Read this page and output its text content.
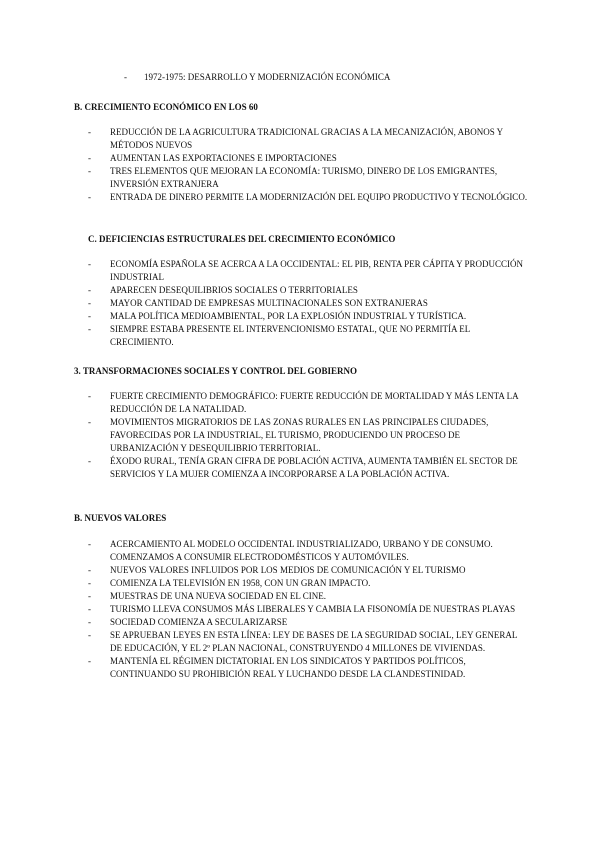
- 1972-1975: DESARROLLO Y MODERNIZACIÓN ECONÓMICA
B. CRECIMIENTO ECONÓMICO EN LOS 60
- REDUCCIÓN DE LA AGRICULTURA TRADICIONAL GRACIAS A LA MECANIZACIÓN, ABONOS Y MÉTODOS NUEVOS
- AUMENTAN LAS EXPORTACIONES E IMPORTACIONES
- TRES ELEMENTOS QUE MEJORAN LA ECONOMÍA: TURISMO, DINERO DE LOS EMIGRANTES, INVERSIÓN EXTRANJERA
- ENTRADA DE DINERO PERMITE LA MODERNIZACIÓN DEL EQUIPO PRODUCTIVO Y TECNOLÓGICO.
C. DEFICIENCIAS ESTRUCTURALES DEL CRECIMIENTO ECONÓMICO
- ECONOMÍA ESPAÑOLA SE ACERCA A LA OCCIDENTAL: EL PIB, RENTA PER CÁPITA Y PRODUCCIÓN INDUSTRIAL
- APARECEN DESEQUILIBRIOS SOCIALES O TERRITORIALES
- MAYOR CANTIDAD DE EMPRESAS MULTINACIONALES SON EXTRANJERAS
- MALA POLÍTICA MEDIOAMBIENTAL, POR LA EXPLOSIÓN INDUSTRIAL Y TURÍSTICA.
- SIEMPRE ESTABA PRESENTE EL INTERVENCIONISMO ESTATAL, QUE NO PERMITÍA EL CRECIMIENTO.
3. TRANSFORMACIONES SOCIALES Y CONTROL DEL GOBIERNO
- FUERTE CRECIMIENTO DEMOGRÁFICO: FUERTE REDUCCIÓN DE MORTALIDAD Y MÁS LENTA LA REDUCCIÓN DE LA NATALIDAD.
- MOVIMIENTOS MIGRATORIOS DE LAS ZONAS RURALES EN LAS PRINCIPALES CIUDADES, FAVORECIDAS POR LA INDUSTRIAL, EL TURISMO, PRODUCIENDO UN PROCESO DE URBANIZACIÓN Y DESEQUILIBRIO TERRITORIAL.
- ÉXODO RURAL, TENÍA GRAN CIFRA DE POBLACIÓN ACTIVA, AUMENTA TAMBIÉN EL SECTOR DE SERVICIOS Y LA MUJER COMIENZA A INCORPORARSE A LA POBLACIÓN ACTIVA.
B. NUEVOS VALORES
- ACERCAMIENTO AL MODELO OCCIDENTAL INDUSTRIALIZADO, URBANO Y DE CONSUMO. COMENZAMOS A CONSUMIR ELECTRODOMÉSTICOS Y AUTOMÓVILES.
- NUEVOS VALORES INFLUIDOS POR LOS MEDIOS DE COMUNICACIÓN Y EL TURISMO
- COMIENZA LA TELEVISIÓN EN 1958, CON UN GRAN IMPACTO.
- MUESTRAS DE UNA NUEVA SOCIEDAD EN EL CINE.
- TURISMO LLEVA CONSUMOS MÁS LIBERALES Y CAMBIA LA FISONOMÍA DE NUESTRAS PLAYAS
- SOCIEDAD COMIENZA A SECULARIZARSE
- SE APRUEBAN LEYES EN ESTA LÍNEA: LEY DE BASES DE LA SEGURIDAD SOCIAL, LEY GENERAL DE EDUCACIÓN, Y EL 2º PLAN NACIONAL, CONSTRUYENDO 4 MILLONES DE VIVIENDAS.
- MANTENÍA EL RÉGIMEN DICTATORIAL EN LOS SINDICATOS Y PARTIDOS POLÍTICOS, CONTINUANDO SU PROHIBICIÓN REAL Y LUCHANDO DESDE LA CLANDESTINIDAD.
